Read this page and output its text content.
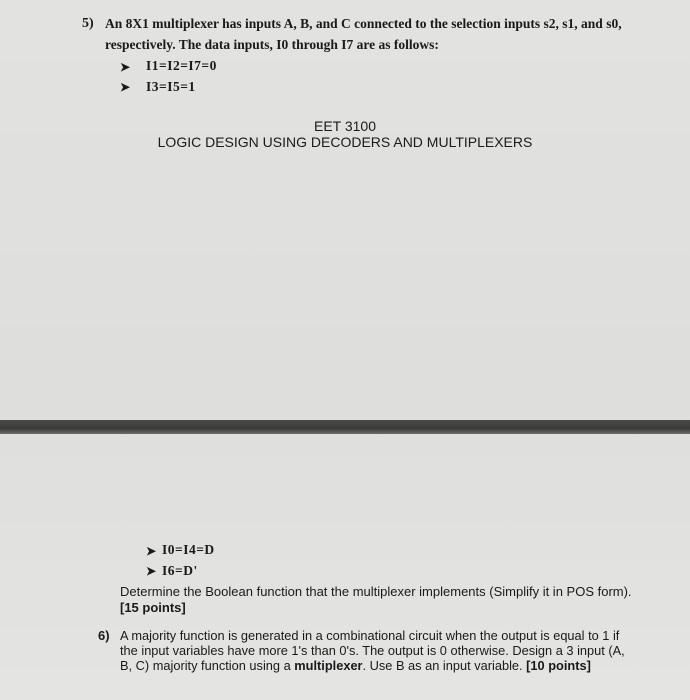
5) An 8X1 multiplexer has inputs A, B, and C connected to the selection inputs s2, s1, and s0,
respectively. The data inputs, I0 through I7 are as follows:
➤ I1=I2=I7=0
➤ I3=I5=1
EET 3100
LOGIC DESIGN USING DECODERS AND MULTIPLEXERS
➤ I0=I4=D
➤ I6=D'
Determine the Boolean function that the multiplexer implements (Simplify it in POS form). [15 points]
6) A majority function is generated in a combinational circuit when the output is equal to 1 if the input variables have more 1's than 0's. The output is 0 otherwise. Design a 3 input (A, B, C) majority function using a multiplexer. Use B as an input variable. [10 points]
